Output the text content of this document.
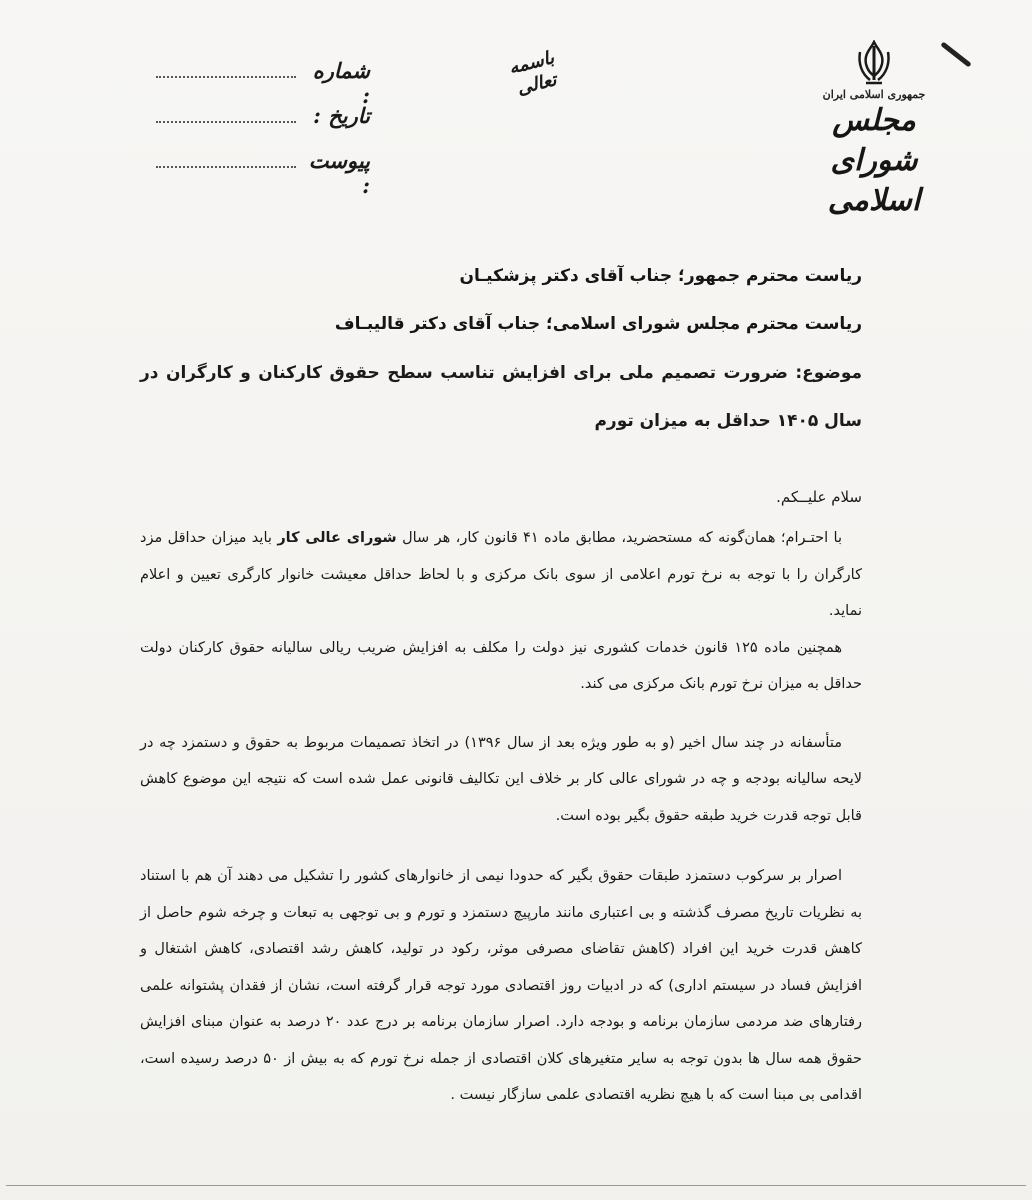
جمهوری اسلامی ایران
مجلس شورای اسلامی
باسمه تعالی
شماره :
تاریخ :
پیوست :

ریاست محترم جمهور؛ جناب آقای دکتر پزشکیـان

ریاست محترم مجلس شورای اسلامی؛ جناب آقای دکتر قالیبـاف

موضوع: ضرورت تصمیم ملی برای افزایش تناسب سطح حقوق کارکنان و کارگران در سال ۱۴۰۵ حداقل به میزان تورم

سلام علیــکم.

با احتـرام؛ همان‌گونه که مستحضرید، مطابق ماده ۴۱ قانون کار، هر سال شورای عالی کار باید میزان حداقل مزد کارگران را با توجه به نرخ تورم اعلامی از سوی بانک مرکزی و با لحاظ حداقل معیشت خانوار کارگری تعیین و اعلام نماید.

همچنین ماده ۱۲۵ قانون خدمات کشوری نیز دولت را مکلف به افزایش ضریب ریالی سالیانه حقوق کارکنان دولت حداقل به میزان نرخ تورم بانک مرکزی می کند.

متأسفانه در چند سال اخیر (و به طور ویژه بعد از سال ۱۳۹۶) در اتخاذ تصمیمات مربوط به حقوق و دستمزد چه در لایحه سالیانه بودجه و چه در شورای عالی کار بر خلاف این تکالیف قانونی عمل شده است که نتیجه این موضوع کاهش قابل توجه قدرت خرید طبقه حقوق بگیر بوده است.

اصرار بر سرکوب دستمزد طبقات حقوق بگیر که حدودا نیمی از خانوارهای کشور را تشکیل می دهند آن هم با استناد به نظریات تاریخ مصرف گذشته و بی اعتباری مانند مارپیچ دستمزد و تورم و بی توجهی به تبعات و چرخه شوم حاصل از کاهش قدرت خرید این افراد (کاهش تقاضای مصرفی موثر، رکود در تولید، کاهش رشد اقتصادی، کاهش اشتغال و افزایش فساد در سیستم اداری) که در ادبیات روز اقتصادی مورد توجه قرار گرفته است، نشان از فقدان پشتوانه علمی رفتارهای ضد مردمی سازمان برنامه و بودجه دارد. اصرار سازمان برنامه بر درج عدد ۲۰ درصد به عنوان مبنای افزایش حقوق همه سال ها بدون توجه به سایر متغیرهای کلان اقتصادی از جمله نرخ تورم که به بیش از ۵۰ درصد رسیده است، اقدامی بی مبنا است که با هیچ نظریه اقتصادی علمی سازگار نیست .
